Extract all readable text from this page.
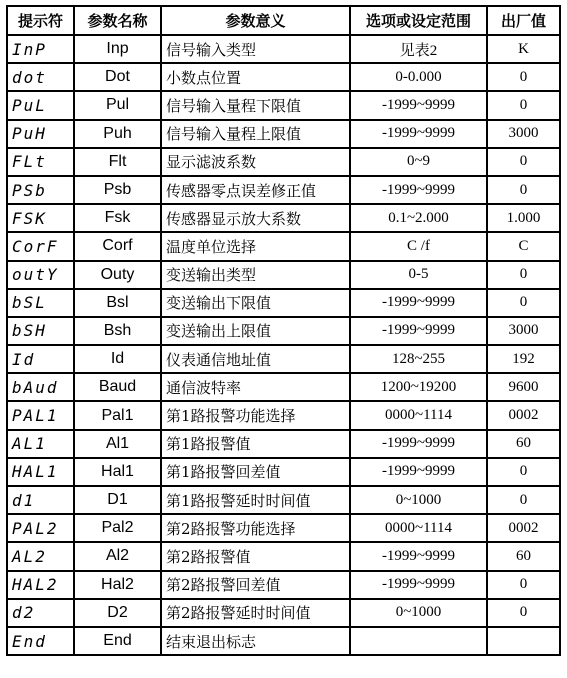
提示符	参数名称	参数意义	选项或设定范围	出厂值
InP	Inp	信号输入类型	见表2	K
dot	Dot	小数点位置	0-0.000	0
PuL	Pul	信号输入量程下限值	-1999~9999	0
PuH	Puh	信号输入量程上限值	-1999~9999	3000
FLt	Flt	显示滤波系数	0~9	0
PSb	Psb	传感器零点误差修正值	-1999~9999	0
FSK	Fsk	传感器显示放大系数	0.1~2.000	1.000
CorF	Corf	温度单位选择	C /f	C
outY	Outy	变送输出类型	0-5	0
bSL	Bsl	变送输出下限值	-1999~9999	0
bSH	Bsh	变送输出上限值	-1999~9999	3000
Id	Id	仪表通信地址值	128~255	192
bAud	Baud	通信波特率	1200~19200	9600
PAL1	Pal1	第1路报警功能选择	0000~1114	0002
AL1	Al1	第1路报警值	-1999~9999	60
HAL1	Hal1	第1路报警回差值	-1999~9999	0
d1	D1	第1路报警延时时间值	0~1000	0
PAL2	Pal2	第2路报警功能选择	0000~1114	0002
AL2	Al2	第2路报警值	-1999~9999	60
HAL2	Hal2	第2路报警回差值	-1999~9999	0
d2	D2	第2路报警延时时间值	0~1000	0
End	End	结束退出标志		
